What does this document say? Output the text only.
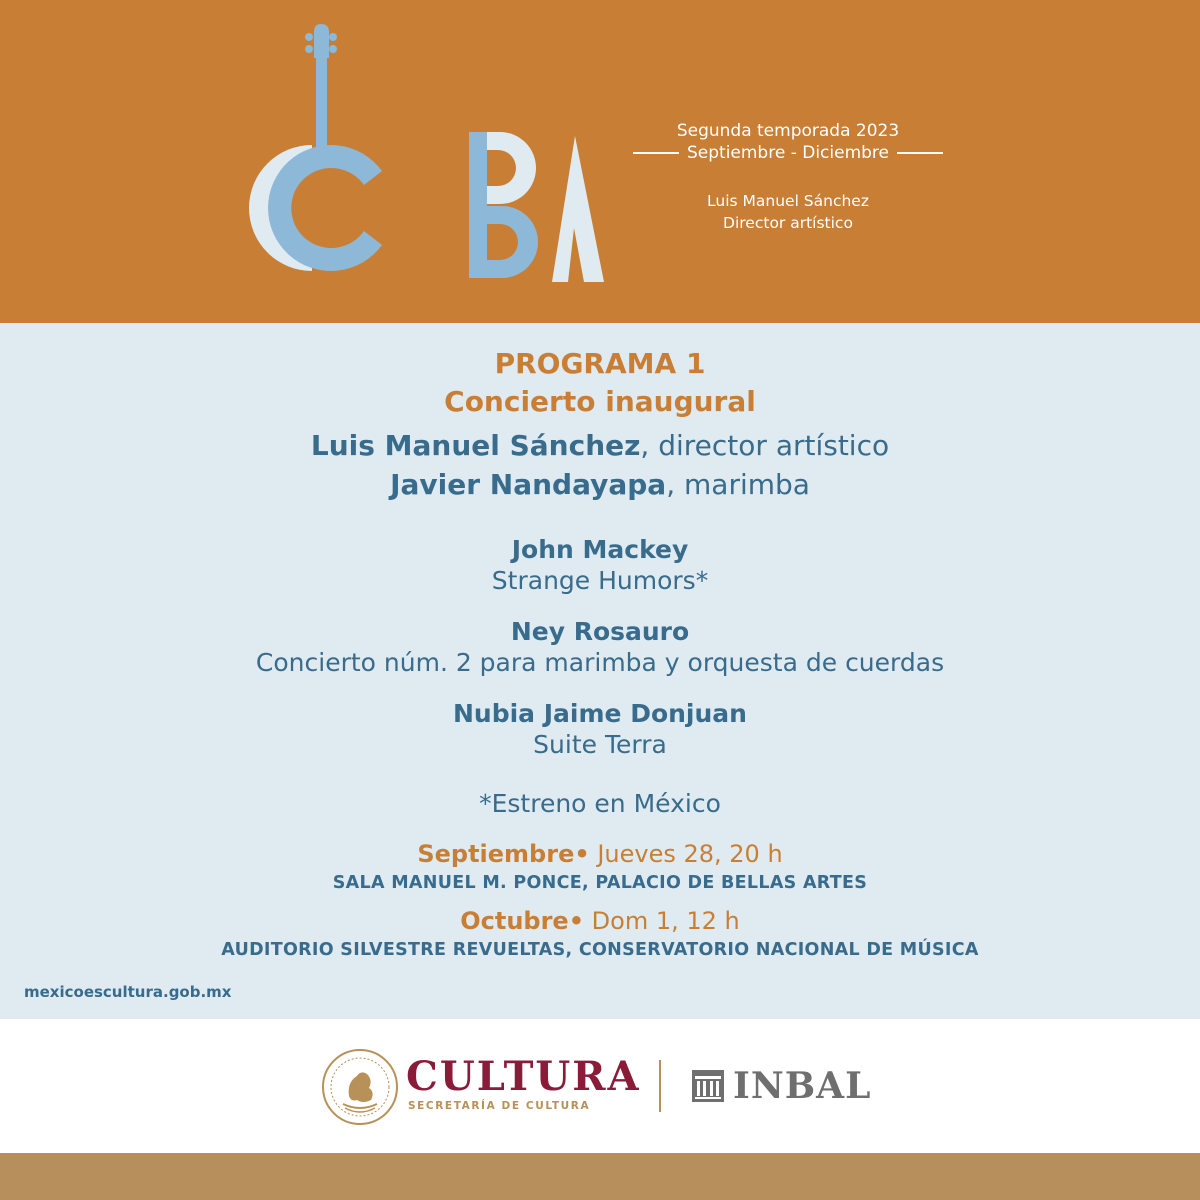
Segunda temporada 2023
Septiembre - Diciembre
Luis Manuel Sánchez
Director artístico
PROGRAMA 1
Concierto inaugural
Luis Manuel Sánchez, director artístico
Javier Nandayapa, marimba
John Mackey
Strange Humors*
Ney Rosauro
Concierto núm. 2 para marimba y orquesta de cuerdas
Nubia Jaime Donjuan
Suite Terra
*Estreno en México
Septiembre• Jueves 28, 20 h
SALA MANUEL M. PONCE, PALACIO DE BELLAS ARTES
Octubre• Dom 1, 12 h
AUDITORIO SILVESTRE REVUELTAS, CONSERVATORIO NACIONAL DE MÚSICA
mexicoescultura.gob.mx
CULTURA
SECRETARÍA DE CULTURA	INBAL
